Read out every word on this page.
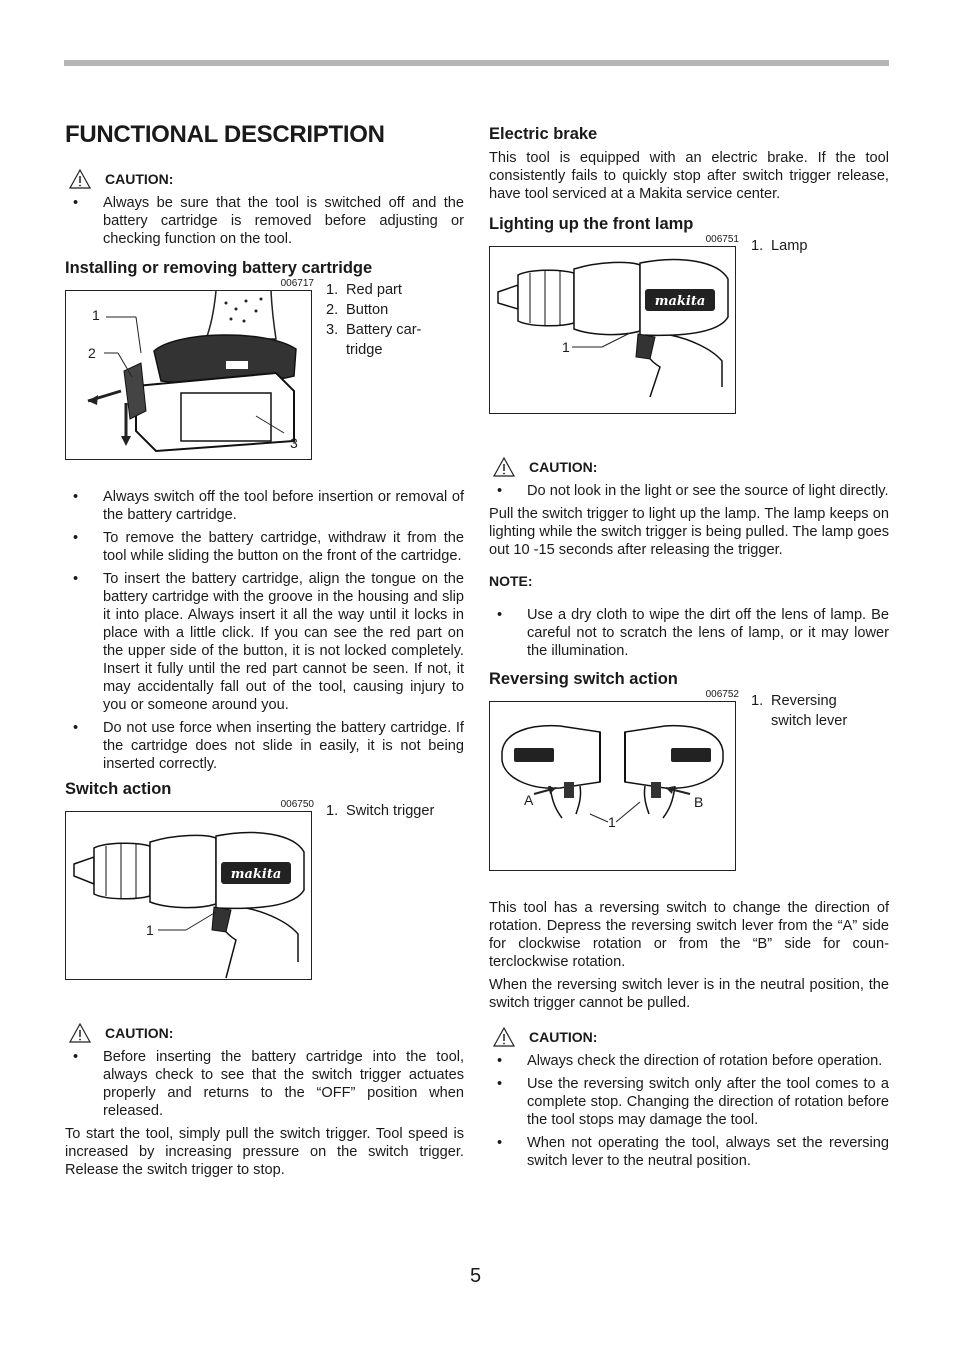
FUNCTIONAL DESCRIPTION
CAUTION:
• Always be sure that the tool is switched off and the battery cartridge is removed before adjusting or checking function on the tool.
Installing or removing battery cartridge
006717
1
2
3
1. Red part
2. Button
3. Battery car-tridge
• Always switch off the tool before insertion or removal of the battery cartridge.
• To remove the battery cartridge, withdraw it from the tool while sliding the button on the front of the cartridge.
• To insert the battery cartridge, align the tongue on the battery cartridge with the groove in the housing and slip it into place. Always insert it all the way until it locks in place with a little click. If you can see the red part on the upper side of the button, it is not locked completely. Insert it fully until the red part cannot be seen. If not, it may accidentally fall out of the tool, causing injury to you or someone around you.
• Do not use force when inserting the battery cartridge. If the cartridge does not slide in easily, it is not being inserted correctly.
Switch action
006750
makita
1
1. Switch trigger
CAUTION:
• Before inserting the battery cartridge into the tool, always check to see that the switch trigger actuates properly and returns to the “OFF” position when released.

To start the tool, simply pull the switch trigger. Tool speed is increased by increasing pressure on the switch trigger. Release the switch trigger to stop.

Electric brake

This tool is equipped with an electric brake. If the tool consistently fails to quickly stop after switch trigger release, have tool serviced at a Makita service center.

Lighting up the front lamp
006751
makita
1
1. Lamp
CAUTION:
• Do not look in the light or see the source of light directly.

Pull the switch trigger to light up the lamp. The lamp keeps on lighting while the switch trigger is being pulled. The lamp goes out 10 -15 seconds after releasing the trigger.

NOTE:
• Use a dry cloth to wipe the dirt off the lens of lamp. Be careful not to scratch the lens of lamp, or it may lower the illumination.
Reversing switch action
006752
A	B
1
1. Reversing switch lever

This tool has a reversing switch to change the direction of rotation. Depress the reversing switch lever from the “A” side for clockwise rotation or from the “B” side for coun-terclockwise rotation.

When the reversing switch lever is in the neutral position, the switch trigger cannot be pulled.

CAUTION:
• Always check the direction of rotation before operation.
• Use the reversing switch only after the tool comes to a complete stop. Changing the direction of rotation before the tool stops may damage the tool.
• When not operating the tool, always set the reversing switch lever to the neutral position.
5
